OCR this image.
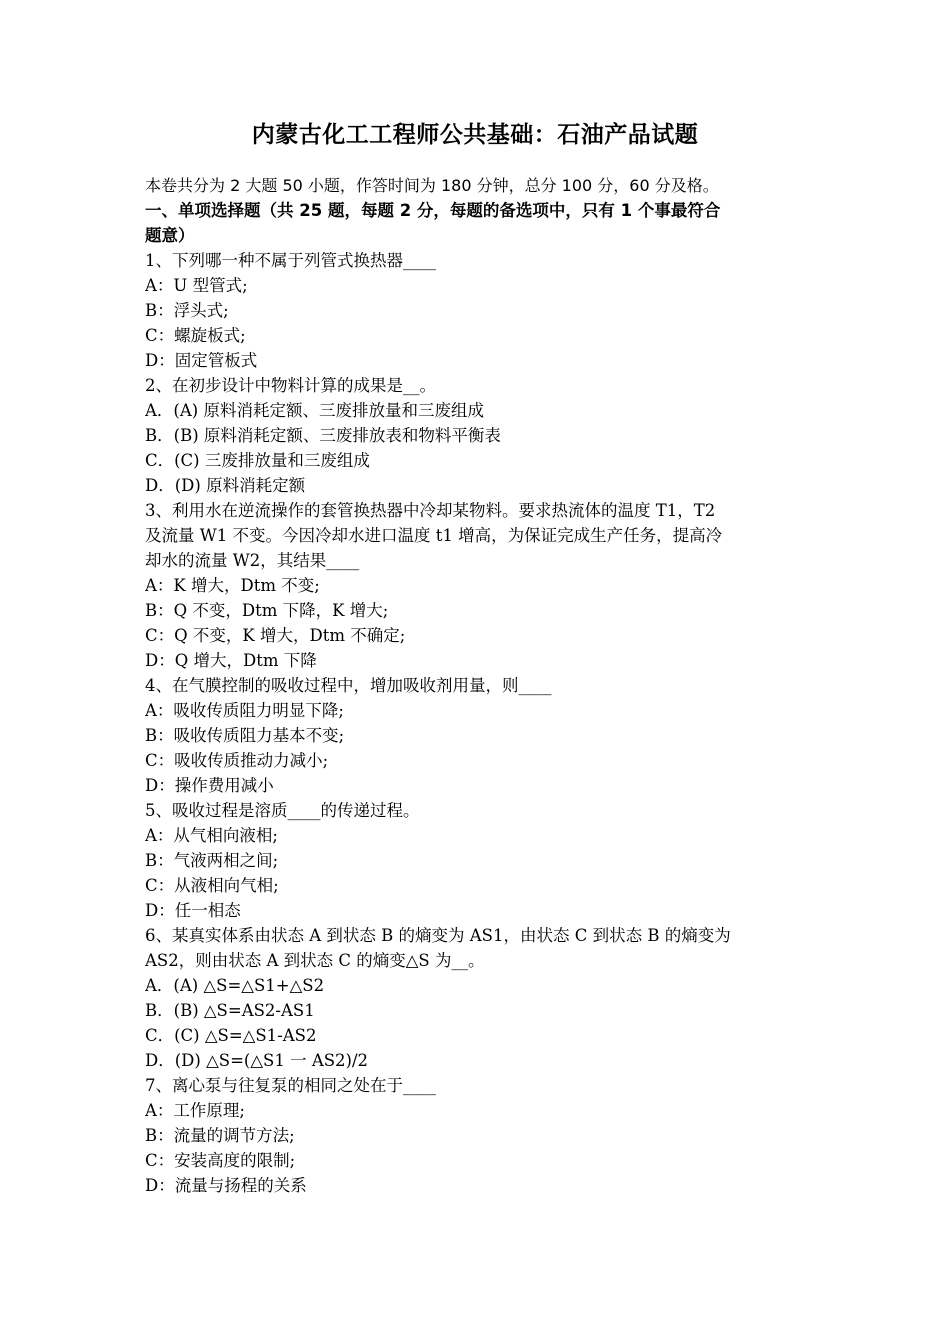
内蒙古化工工程师公共基础：石油产品试题
本卷共分为 2 大题 50 小题，作答时间为 180 分钟，总分 100 分，60 分及格。
一、单项选择题（共 25 题，每题 2 分，每题的备选项中，只有 1 个事最符合
题意）
1、下列哪一种不属于列管式换热器____
A：U 型管式;
B：浮头式;
C：螺旋板式;
D：固定管板式
2、在初步设计中物料计算的成果是__。
A．(A) 原料消耗定额、三废排放量和三废组成
B．(B) 原料消耗定额、三废排放表和物料平衡表
C．(C) 三废排放量和三废组成
D．(D) 原料消耗定额
3、利用水在逆流操作的套管换热器中冷却某物料。要求热流体的温度 T1，T2
及流量 W1 不变。今因冷却水进口温度 t1 增高，为保证完成生产任务，提高冷
却水的流量 W2，其结果____
A：K 增大，Dtm 不变;
B：Q 不变，Dtm 下降，K 增大;
C：Q 不变，K 增大，Dtm 不确定;
D：Q 增大，Dtm 下降
4、在气膜控制的吸收过程中，增加吸收剂用量，则____
A：吸收传质阻力明显下降;
B：吸收传质阻力基本不变;
C：吸收传质推动力减小;
D：操作费用减小
5、吸收过程是溶质____的传递过程。
A：从气相向液相;
B：气液两相之间;
C：从液相向气相;
D：任一相态
6、某真实体系由状态 A 到状态 B 的熵变为 AS1，由状态 C 到状态 B 的熵变为
AS2，则由状态 A 到状态 C 的熵变△S 为__。
A．(A) △S=△S1+△S2
B．(B) △S=AS2-AS1
C．(C) △S=△S1-AS2
D．(D) △S=(△S1 一 AS2)/2
7、离心泵与往复泵的相同之处在于____
A：工作原理;
B：流量的调节方法;
C：安装高度的限制;
D：流量与扬程的关系
